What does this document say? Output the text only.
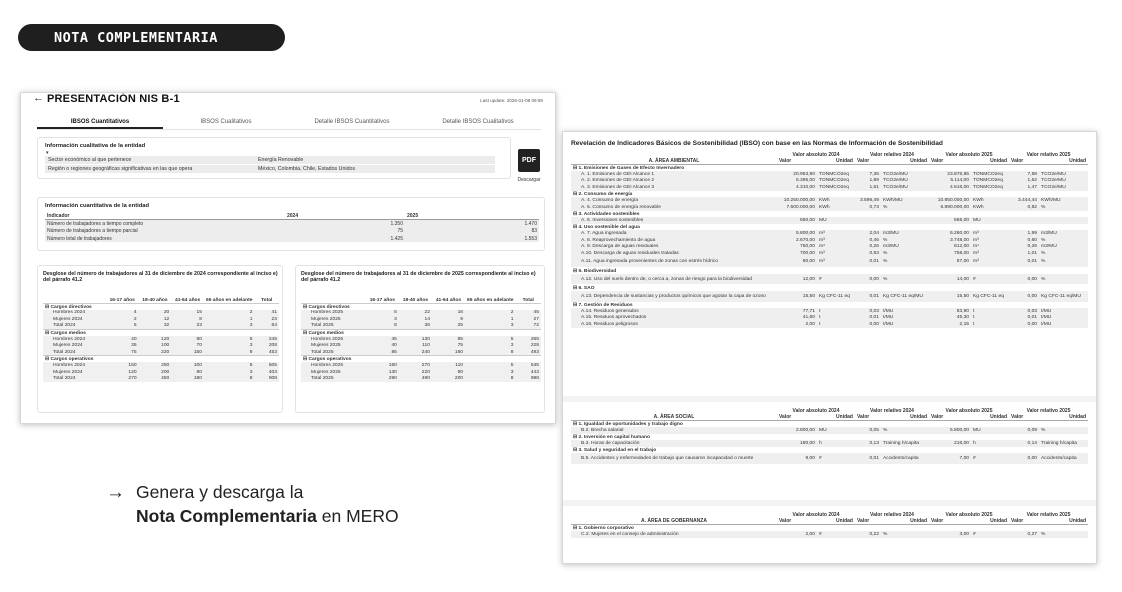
NOTA COMPLEMENTARIA
← PRESENTACIÓN NIS B-1	Last update: 2026-01-08 09:59
IBSOS Cuantitativos	IBSOS Cualitativos	Detalle IBSOS Cuantitativos	Detalle IBSOS Cualitativos
Información cualitativa de la entidad
▾
Sector económico al que pertenece	Energía Renovable
Región o regiones geográficas significativas en las que opera	México, Colombia, Chile, Estados Unidos
PDF
Descargar
Información cuantitativa de la entidad
Indicador	2024	2025
Número de trabajadores a tiempo completo	1.350	1.470
Número de trabajadores a tiempo parcial	75	83
Número total de trabajadores	1.425	1.553
Desglose del número de trabajadores al 31 de diciembre de 2024 correspondiente al inciso e) del párrafo 41.2
	16-17 años	18-40 años	41-64 años	65 años en adelante	Total
⊟ Cargos directivos					
Hombres 2024	4	20	15	2	41
Mujeres 2024	2	12	8	1	23
Total 2024	6	32	23	3	64
⊟ Cargos medios					
Hombres 2024	40	120	80	5	245
Mujeres 2024	35	100	70	3	208
Total 2024	75	220	150	8	453
⊟ Cargos operativos					
Hombres 2024	150	250	100	5	505
Mujeres 2024	120	200	80	3	403
Total 2024	270	450	180	8	908
Desglose del número de trabajadores al 31 de diciembre de 2025 correspondiente al inciso e) del párrafo 41.2
	16-17 años	18-40 años	41-64 años	65 años en adelante	Total
⊟ Cargos directivos					
Hombres 2025	5	22	16	2	45
Mujeres 2025	3	14	9	1	27
Total 2025	8	36	25	3	72
⊟ Cargos medios					
Hombres 2025	45	130	85	5	265
Mujeres 2025	40	110	75	3	228
Total 2025	85	240	160	8	493
⊟ Cargos operativos					
Hombres 2025	160	270	110	5	545
Mujeres 2025	130	220	90	3	443
Total 2025	290	490	200	8	988
Revelación de Indicadores Básicos de Sostenibilidad (IBSO) con base en las Normas de Información de Sostenibilidad
	Valor absoluto 2024		Valor relativo 2024		Valor absoluto 2025		Valor relativo 2025	
A. ÁREA AMBIENTAL	Valor	Unidad	Valor	Unidad	Valor	Unidad	Valor	Unidad
⊟ 1. Emisiones de Gases de Efecto Invernadero								
A. 1. Emisiones de GEI Alcance 1	20.953,90	TONMCO2eq	7,35	TCO2e/MU	23.876,85	TONMCO2eq	7,58	TCO2e/MU
A. 2. Emisiones de GEI Alcance 2	5.395,00	TONMCO2eq	1,89	TCO2e/MU	5.114,00	TONMCO2eq	1,62	TCO2e/MU
A. 3. Emisiones de GEI Alcance 3	4.310,00	TONMCO2eq	1,51	TCO2e/MU	4.616,00	TONMCO2eq	1,47	TCO2e/MU
⊟ 2. Consumo de energía								
A. 4. Consumo de energía	10.250.000,00	KWh	3.596,49	KWh/MU	10.850.000,00	KWh	3.444,44	KWh/MU
A. 5. Consumo de energía renovable	7.500.000,00	KWh	0,73	%	6.890.000,00	KWh	0,82	%
⊟ 3. Actividades sostenibles								
A. 6. Inversiones sostenibles	650,00	MU			665,00	MU		
⊟ 4. Uso sostenible del agua								
A. 7. Agua ingresada	5.800,00	m³	2,04	m3/MU	6.260,00	m³	1,99	m3/MU
A. 8. Reaprovechamiento de agua	2.670,00	m³	0,46	%	3.748,00	m³	0,60	%
A. 9. Descarga de aguas residuales	750,00	m³	0,26	m3/MU	812,00	m³	0,26	m3/MU
A.10. Descarga de aguas residuales tratadas	700,00	m³	0,93	%	758,00	m³	1,01	%
A.11. Agua ingresada provenientes de zonas con estrés hídrico	80,00	m³	0,01	%	87,00	m³	0,01	%
⊟ 5. Biodiversidad								
A.12. Uso del suelo dentro de, o cerca a, zonas de riesgo para la biodiversidad	12,00	#	0,00	%	14,00	#	0,00	%
⊟ 6. SAO								
A.13. Dependencia de sustancias y productos químicos que agotan la capa de ozono	15,50	Kg CFC-11 eq	0,01	Kg CFC-11 eq/MU	15,50	Kg CFC-11 eq	0,00	Kg CFC-11 eq/MU
⊟ 7. Gestión de Residuos								
A.14. Residuos generados	77,71	t	0,03	t/MU	83,90	t	0,03	t/MU
A.15. Residuos aprovechados	41,60	t	0,01	t/MU	45,30	t	0,01	t/MU
A.16. Residuos peligrosos	2,00	t	0,00	t/MU	2,15	t	0,00	t/MU
	Valor absoluto 2024		Valor relativo 2024		Valor absoluto 2025		Valor relativo 2025	
A. ÁREA SOCIAL	Valor	Unidad	Valor	Unidad	Valor	Unidad	Valor	Unidad
⊟ 1. Igualdad de oportunidades y trabajo digno								
B.2. Brecha salarial	2.800,00	MU	0,05	%	5.800,00	MU	0,09	%
⊟ 2. Inversión en capital humano								
B.3. Horas de capacitación	180,00	h	0,13	Training h/capita	216,00	h	0,14	Training h/capita
⊟ 3. Salud y seguridad en el trabajo								
B.5. Accidentes y enfermedades de trabajo que causaron incapacidad o muerte	9,00	#	0,01	Accidents/capita	7,00	#	0,00	Accidents/capita
	Valor absoluto 2024		Valor relativo 2024		Valor absoluto 2025		Valor relativo 2025	
A. ÁREA DE GOBERNANZA	Valor	Unidad	Valor	Unidad	Valor	Unidad	Valor	Unidad
⊟ 1. Gobierno corporativo								
C.2. Mujeres en el consejo de administración	2,00	#	0,22	%	3,00	#	0,27	%
→ Genera y descarga la
Nota Complementaria en MERO
